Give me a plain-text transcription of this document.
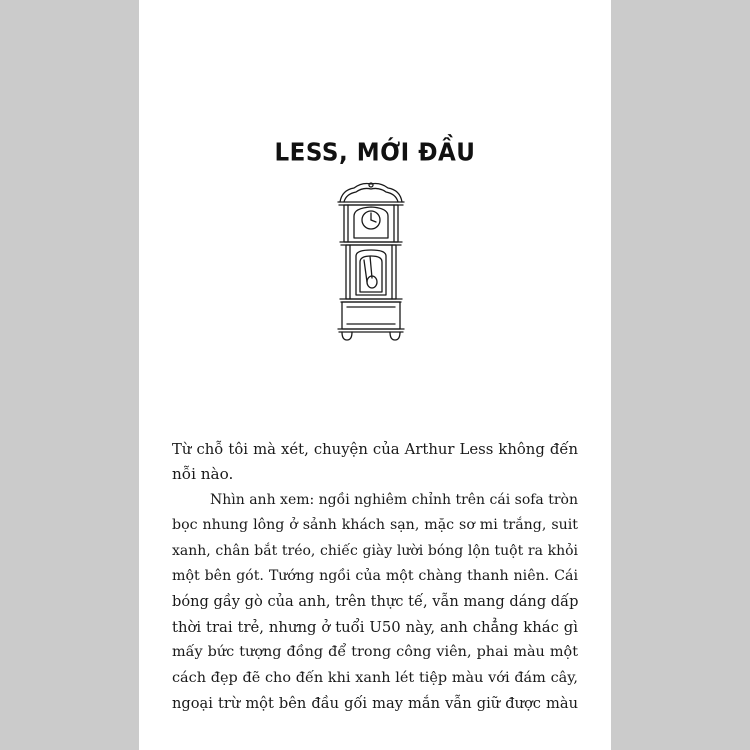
LESS, MỚI ĐẦU

Từ chỗ tôi mà xét, chuyện của Arthur Less không đến
nỗi nào.

Nhìn anh xem: ngồi nghiêm chỉnh trên cái sofa tròn
bọc nhung lông ở sảnh khách sạn, mặc sơ mi trắng, suit
xanh, chân bắt tréo, chiếc giày lười bóng lộn tuột ra khỏi
một bên gót. Tướng ngồi của một chàng thanh niên. Cái
bóng gầy gò của anh, trên thực tế, vẫn mang dáng dấp
thời trai trẻ, nhưng ở tuổi U50 này, anh chẳng khác gì
mấy bức tượng đồng để trong công viên, phai màu một
cách đẹp đẽ cho đến khi xanh lét tiệp màu với đám cây,
ngoại trừ một bên đầu gối may mắn vẫn giữ được màu
